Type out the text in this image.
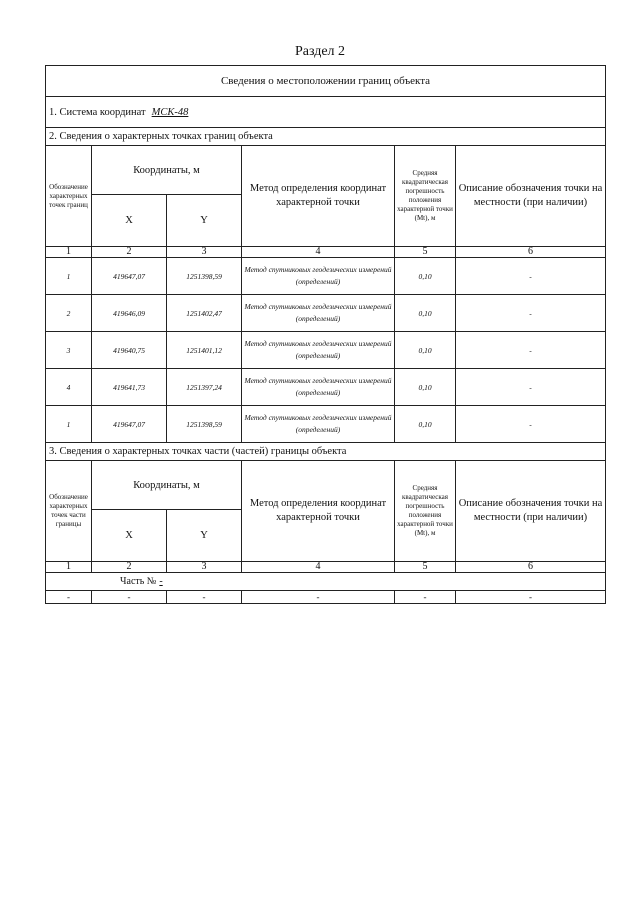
Раздел 2
Сведения о местоположении границ объекта					
1. Система координат МСК-48					
2. Сведения о характерных точках границ объекта					
Обозначение характерных точек границ	Координаты, м		Метод определения координат характерной точки	Средняя квадратическая погрешность положения характерной точки (Mt), м	Описание обозначения точки на местности (при наличии)
	X	Y			
1	2	3	4	5	6
1	419647,07	1251398,59	Метод спутниковых геодезических измерений (определений)	0,10	-
2	419646,09	1251402,47	Метод спутниковых геодезических измерений (определений)	0,10	-
3	419640,75	1251401,12	Метод спутниковых геодезических измерений (определений)	0,10	-
4	419641,73	1251397,24	Метод спутниковых геодезических измерений (определений)	0,10	-
1	419647,07	1251398,59	Метод спутниковых геодезических измерений (определений)	0,10	-
3. Сведения о характерных точках части (частей) границы объекта					
Обозначение характерных точек части границы	Координаты, м		Метод определения координат характерной точки	Средняя квадратическая погрешность положения характерной точки (Mt), м	Описание обозначения точки на местности (при наличии)
	X	Y			
1	2	3	4	5	6
Часть № -					
-	-	-	-	-	-
